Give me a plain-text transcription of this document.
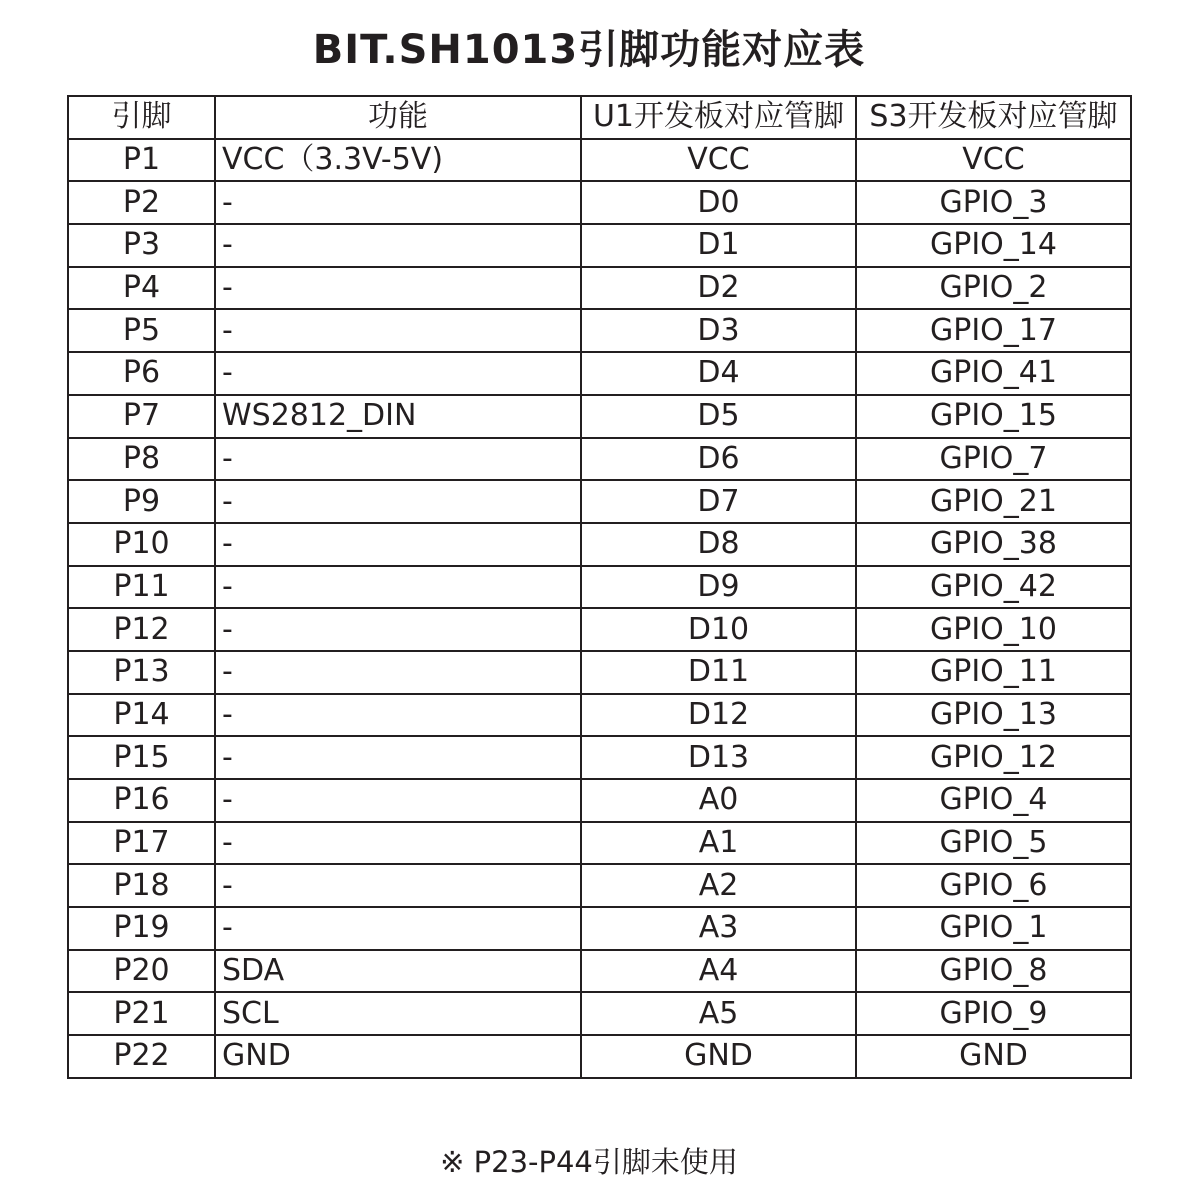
BIT.SH1013引脚功能对应表
引脚	功能	U1开发板对应管脚	S3开发板对应管脚
P1	VCC（3.3V-5V)	VCC	VCC
P2	-	D0	GPIO_3
P3	-	D1	GPIO_14
P4	-	D2	GPIO_2
P5	-	D3	GPIO_17
P6	-	D4	GPIO_41
P7	WS2812_DIN	D5	GPIO_15
P8	-	D6	GPIO_7
P9	-	D7	GPIO_21
P10	-	D8	GPIO_38
P11	-	D9	GPIO_42
P12	-	D10	GPIO_10
P13	-	D11	GPIO_11
P14	-	D12	GPIO_13
P15	-	D13	GPIO_12
P16	-	A0	GPIO_4
P17	-	A1	GPIO_5
P18	-	A2	GPIO_6
P19	-	A3	GPIO_1
P20	SDA	A4	GPIO_8
P21	SCL	A5	GPIO_9
P22	GND	GND	GND
※ P23-P44引脚未使用
